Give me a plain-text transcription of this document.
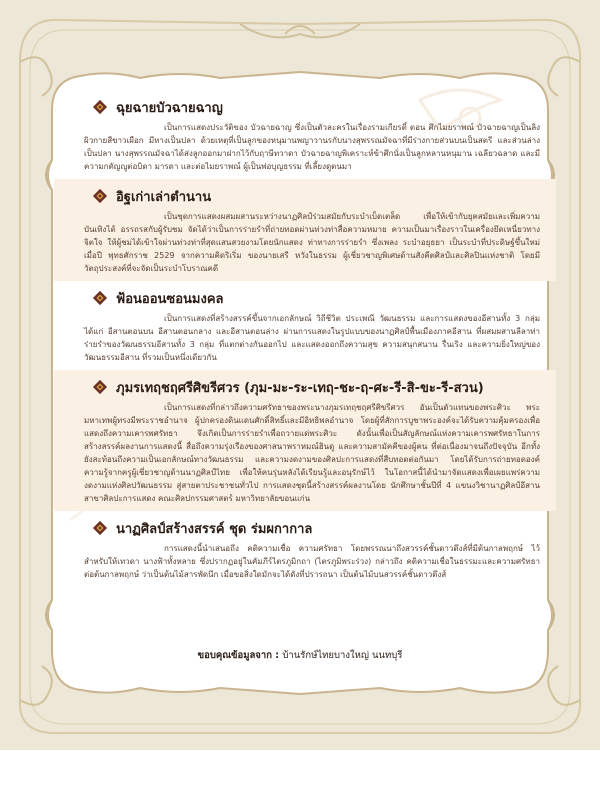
ฉุยฉายบัวฉายฉาญ

เป็นการแสดงประวัติของ บัวฉายฉาญ ซึ่งเป็นตัวละครในเรื่องรามเกียรติ์ ตอน ศึกไมยราพณ์ บัวฉายฉาญเป็นลิงผิวกายสีขาวเผือก มีหางเป็นปลา ด้วยเหตุที่เป็นลูกของหนุมานพญาวานรกับนางสุพรรณมัจฉาที่มีร่างกายส่วนบนเป็นสตรี และส่วนล่างเป็นปลา นางสุพรรณมัจฉาได้ส่งลูกออกมาฝากไว้กับฤาษีทวาดา บัวฉายฉาญพิเคราะห์ข้าศึกนั่งเป็นลูกหลานหนุมาน เฉลียวฉลาด และมีความกตัญญูต่อบิดา มารดา และต่อไมยราพณ์ ผู้เป็นพ่อบุญธรรม ที่เลี้ยงดูตนมา

อิฐเก่าเล่าตำนาน

เป็นชุดการแสดงผสมผสานระหว่างนาฏศิลป์ร่วมสมัยกับระบำเบ็ดเตล็ด เพื่อให้เข้ากับยุคสมัยและเพิ่มความบันเทิงได้ อรรถรสกับผู้รับชม จัดได้ว่าเป็นการร่ายรำที่ถ่ายทอดผ่านท่วงท่าสื่อความหมาย ความเป็นมาเรื่องราวในเครื่องยึดเหนี่ยวทางจิตใจ ให้ผู้ชมได้เข้าใจผ่านท่วงท่าที่สุดแสนสวยงามโดยนักแสดง ท่าทางการร่ายรำ ซึ่งเพลง ระบำอยุธยา เป็นระบำที่ประดิษฐ์ขึ้นใหม่ เมื่อปี พุทธศักราช 2529 จากความคิดริเริ่ม ของนายเสรี หวังในธรรม ผู้เชี่ยวชาญพิเศษด้านสังคีตศิลป์และศิลปินแห่งชาติ โดยมี วัตถุประสงค์ที่จะจัดเป็นระบำโบราณคดี

ฟ้อนออนซอนมงคล

เป็นการแสดงที่สร้างสรรค์ขึ้นจากเอกลักษณ์ วิถีชีวิต ประเพณี วัฒนธรรม และการแสดงของอีสานทั้ง 3 กลุ่ม ได้แก่ อีสานตอนบน อีสานตอนกลาง และอีสานตอนล่าง ผ่านการแสดงในรูปแบบของนาฏศิลป์พื้นเมืองภาคอีสาน ที่ผสมผสานลีลาท่าร่ายรำของวัฒนธรรมอีสานทั้ง 3 กลุ่ม ที่แตกต่างกันออกไป และแสดงออกถึงความสุข ความสนุกสนาน รื่นเริง และความยิ่งใหญ่ของวัฒนธรรมอีสาน ที่รวมเป็นหนึ่งเดียวกัน

ภุมรเทฤชฤศรีศิขรีศวร (ภุม-มะ-ระ-เทฤ-ชะ-ฤ-ศะ-รี-สิ-ขะ-รี-สวน)

เป็นการแสดงที่กล่าวถึงความศรัทธาของพระนางภุมรเทฤชฤศรีศิขรีศวร อันเป็นตัวแทนของพระศิวะ พระมหาเทพผู้ทรงมีพระราชอำนาจ ผู้ปกครองดินแดนศักดิ์สิทธิ์และมีอิทธิพลอำนาจ โดยผู้ที่สักการบูชาพระองค์จะได้รับความคุ้มครองเพื่อแสดงถึงความเคารพศรัทธา จึงเกิดเป็นการร่ายรำเพื่อถวายแด่พระศิวะ ดังนั้นเพื่อเป็นสัญลักษณ์แห่งความเคารพศรัทธาในการสร้างสรรค์ผลงานการแสดงนี้ สื่อถึงความรุ่งเรืองของศาสนาพราหมณ์ฮินดู และความสามัคคีของผู้คน ที่ต่อเนื่องมาจนถึงปัจจุบัน อีกทั้งยังสะท้อนถึงความเป็นเอกลักษณ์ทางวัฒนธรรม และความงดงามของศิลปะการแสดงที่สืบทอดต่อกันมา โดยได้รับการถ่ายทอดองค์ความรู้จากครูผู้เชี่ยวชาญด้านนาฏศิลป์ไทย เพื่อให้คนรุ่นหลังได้เรียนรู้และอนุรักษ์ไว้ ในโอกาสนี้ได้นำมาจัดแสดงเพื่อเผยแพร่ความงดงามแห่งศิลปวัฒนธรรม สู่สายตาประชาชนทั่วไป การแสดงชุดนี้สร้างสรรค์ผลงานโดย นักศึกษาชั้นปีที่ 4 แขนงวิชานาฏศิลป์อีสาน สาขาศิลปะการแสดง คณะศิลปกรรมศาสตร์ มหาวิทยาลัยขอนแก่น

นาฏศิลป์สร้างสรรค์ ชุด ร่มผกากาล

การแสดงนี้นำเสนอถึง คติความเชื่อ ความศรัทธา โดยพรรณนาถึงสวรรค์ชั้นดาวดึงส์ที่มีต้นกาลพฤกษ์ ไว้สำหรับให้เทวดา นางฟ้าทั้งหลาย ซึ่งปรากฏอยู่ในคัมภีร์ไตรภูมิกถา (ไตรภูมิพระร่วง) กล่าวถึง คติความเชื่อในธรรมะและความศรัทธาต่อต้นกาลพฤกษ์ ว่าเป็นต้นไม้สารพัดนึก เมื่อขอสิ่งใดมักจะได้ดังที่ปรารถนา เป็นต้นไม้บนสวรรค์ชั้นดาวดึงส์

ขอบคุณข้อมูลจาก : บ้านรักษ์ไทยบางใหญ่ นนทบุรี
